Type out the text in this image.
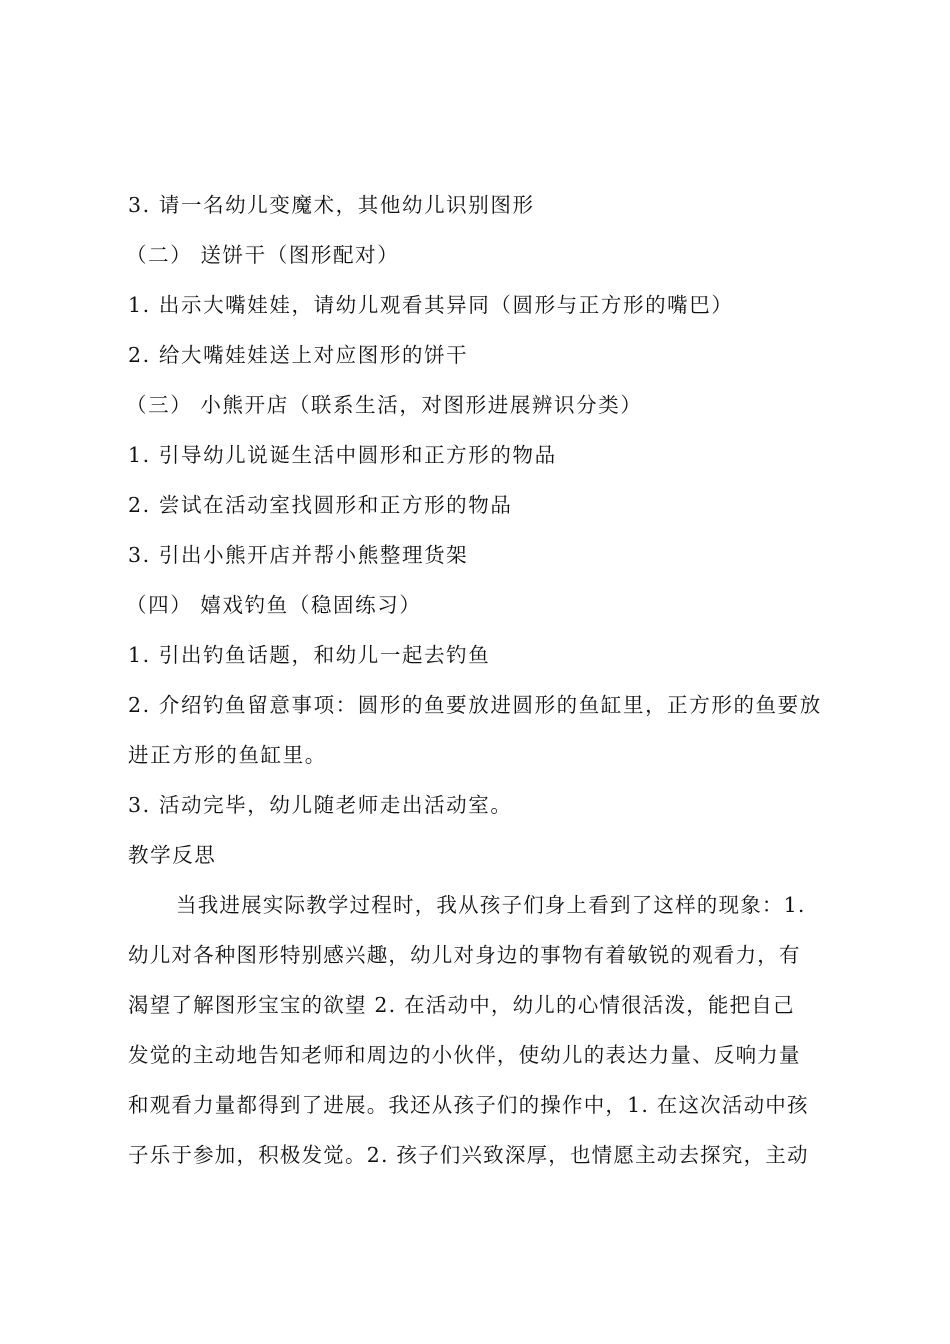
3. 请一名幼儿变魔术，其他幼儿识别图形
（二） 送饼干（图形配对）
1. 出示大嘴娃娃，请幼儿观看其异同（圆形与正方形的嘴巴）
2. 给大嘴娃娃送上对应图形的饼干
（三） 小熊开店（联系生活，对图形进展辨识分类）
1. 引导幼儿说诞生活中圆形和正方形的物品
2. 尝试在活动室找圆形和正方形的物品
3. 引出小熊开店并帮小熊整理货架
（四） 嬉戏钓鱼（稳固练习）
1. 引出钓鱼话题，和幼儿一起去钓鱼
2. 介绍钓鱼留意事项：圆形的鱼要放进圆形的鱼缸里，正方形的鱼要放
进正方形的鱼缸里。
3. 活动完毕，幼儿随老师走出活动室。
教学反思
当我进展实际教学过程时，我从孩子们身上看到了这样的现象：1.
幼儿对各种图形特别感兴趣，幼儿对身边的事物有着敏锐的观看力，有
渴望了解图形宝宝的欲望 2. 在活动中，幼儿的心情很活泼，能把自己
发觉的主动地告知老师和周边的小伙伴，使幼儿的表达力量、反响力量
和观看力量都得到了进展。我还从孩子们的操作中，1. 在这次活动中孩
子乐于参加，积极发觉。2. 孩子们兴致深厚，也情愿主动去探究，主动
